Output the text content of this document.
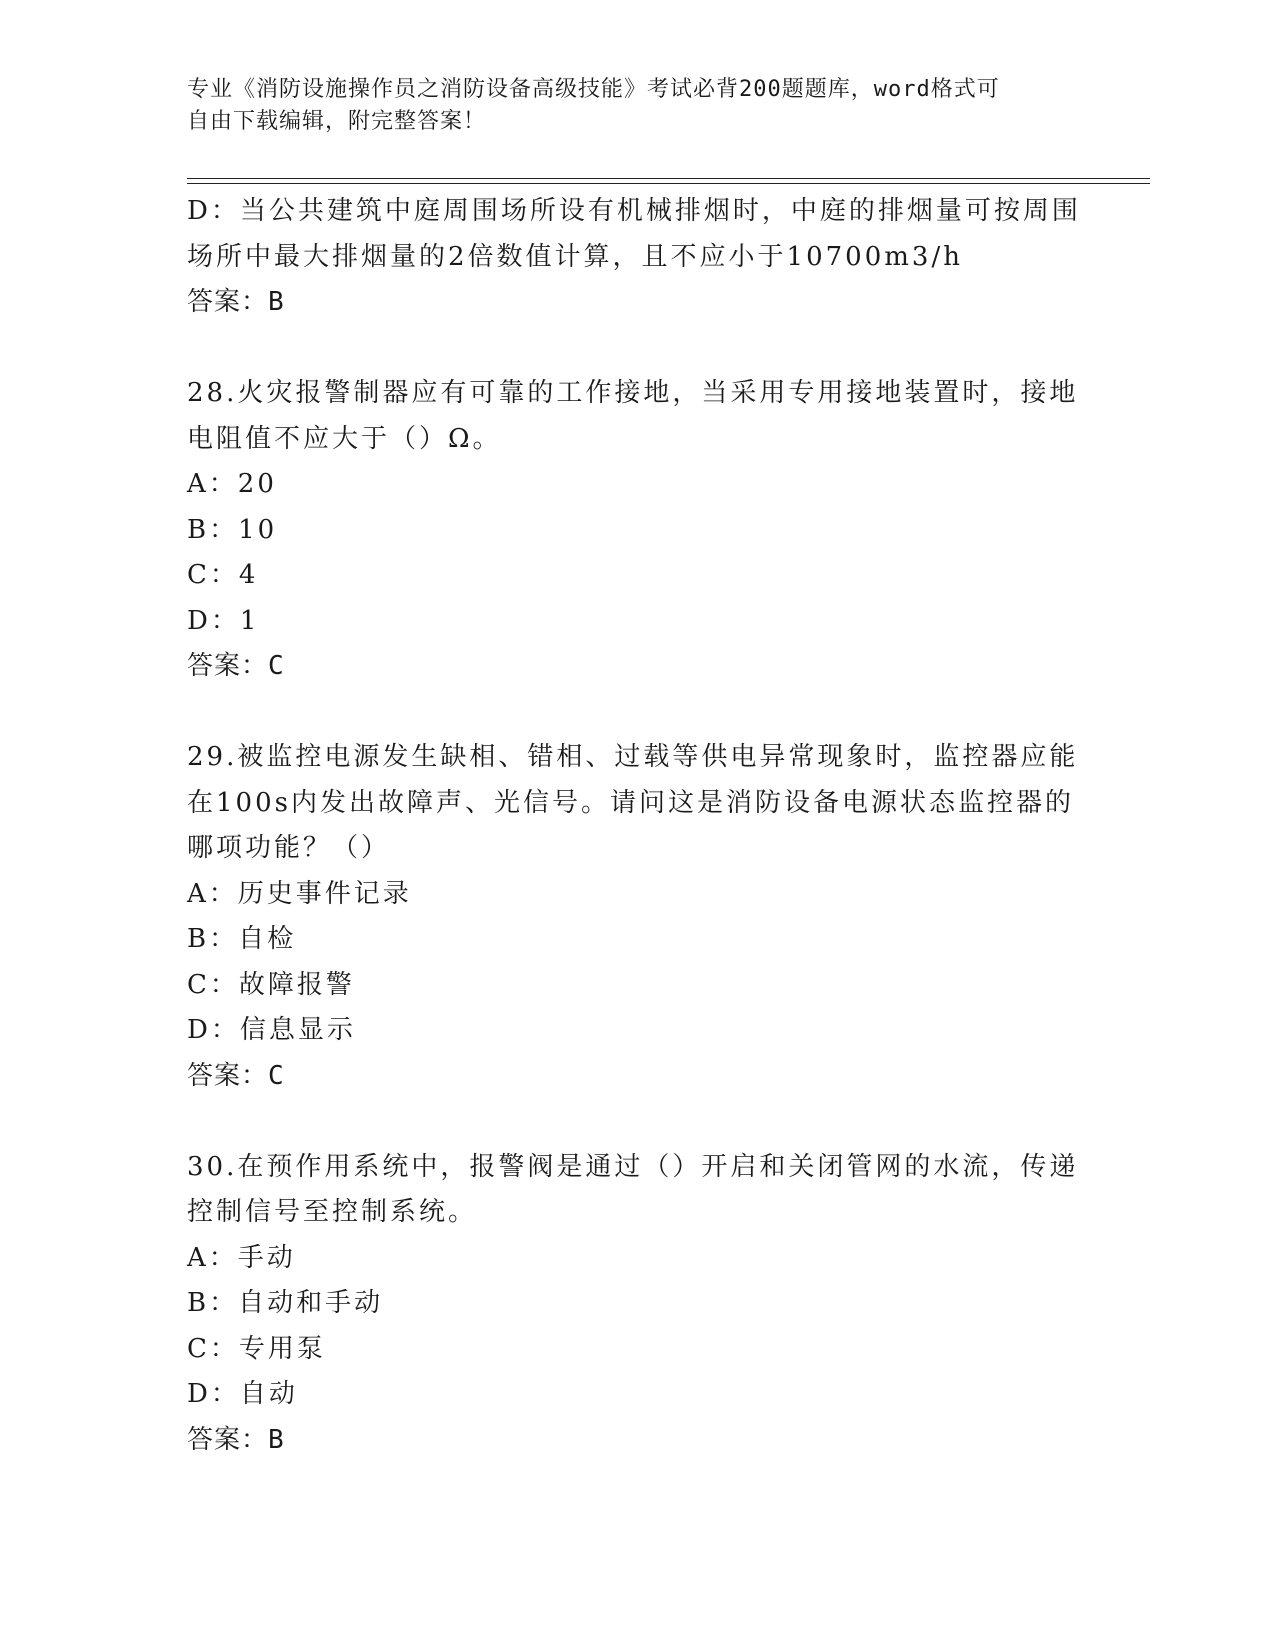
专业《消防设施操作员之消防设备高级技能》考试必背200题题库，word格式可
自由下载编辑，附完整答案！

D：当公共建筑中庭周围场所设有机械排烟时，中庭的排烟量可按周围

场所中最大排烟量的2倍数值计算，且不应小于10700m3/h

答案：B

28.火灾报警制器应有可靠的工作接地，当采用专用接地装置时，接地

电阻值不应大于（）Ω。

A：20

B：10

C：4

D：1

答案：C

29.被监控电源发生缺相、错相、过载等供电异常现象时，监控器应能

在100s内发出故障声、光信号。请问这是消防设备电源状态监控器的

哪项功能？（）

A：历史事件记录

B：自检

C：故障报警

D：信息显示

答案：C

30.在预作用系统中，报警阀是通过（）开启和关闭管网的水流，传递

控制信号至控制系统。

A：手动

B：自动和手动

C：专用泵

D：自动

答案：B
